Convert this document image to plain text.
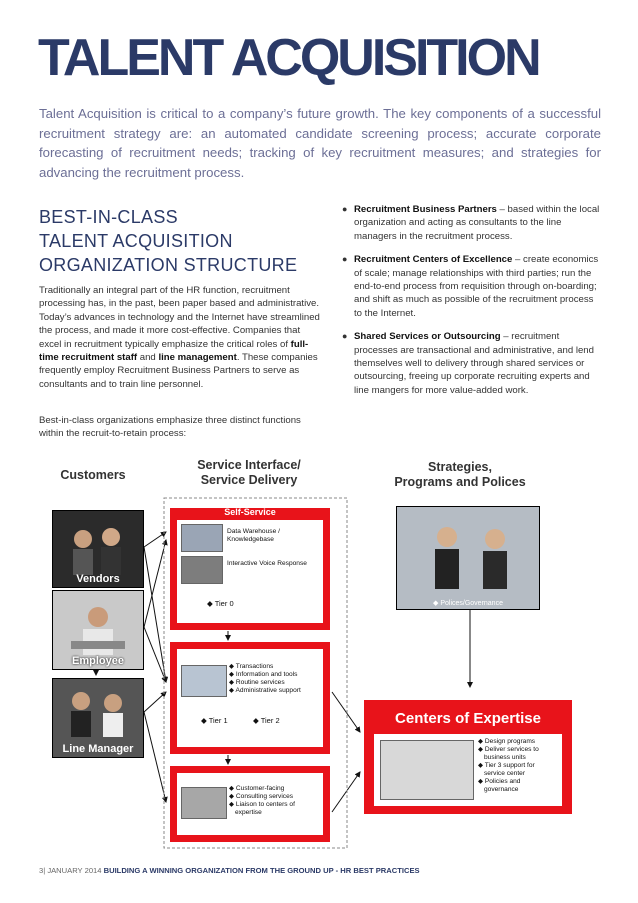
TALENT ACQUISITION

Talent Acquisition is critical to a company’s future growth. The key components of a successful recruitment strategy are: an automated candidate screening process; accurate corporate forecasting of recruitment needs; tracking of key recruitment measures; and strategies for advancing the recruitment process.

BEST-IN-CLASS
TALENT ACQUISITION
ORGANIZATION STRUCTURE

Traditionally an integral part of the HR function, recruitment processing has, in the past, been paper based and administrative. Today’s advances in technology and the Internet have streamlined the process, and made it more cost-effective. Companies that excel in recruitment typically emphasize the critical roles of full-time recruitment staff and line management. These companies frequently employ Recruitment Business Partners to serve as consultants and to train line personnel.

Best-in-class organizations emphasize three distinct functions within the recruit-to-retain process:

● Recruitment Business Partners – based within the local organization and acting as consultants to the line managers in the recruitment process.
● Recruitment Centers of Excellence – create economics of scale; manage relationships with third parties; run the end-to-end process from requisition through on-boarding; and shift as much as possible of the recruitment process to the Internet.
● Shared Services or Outsourcing – recruitment processes are transactional and administrative, and lend themselves well to delivery through shared services or outsourcing, freeing up corporate recruiting experts and line mangers for more value-added work.
Customers
Service Interface/
Service Delivery
Strategies,
Programs and Polices
Vendors
Employee
Line Manager
Self-Service
Data Warehouse / Knowledgebase
Interactive Voice Response
◆ Tier 0
◆ Transactions
◆ Information and tools
◆ Routine services
◆ Administrative support
◆ Tier 1	◆ Tier 2
◆ Customer-facing
◆ Consulting services
◆ Liaison to centers of
expertise
◆ Polices/Governance
Centers of Expertise
◆ Design programs
◆ Deliver services to
business units
◆ Tier 3 support for
service center
◆ Policies and
governance
3| JANUARY 2014 BUILDING A WINNING ORGANIZATION FROM THE GROUND UP - HR BEST PRACTICES
